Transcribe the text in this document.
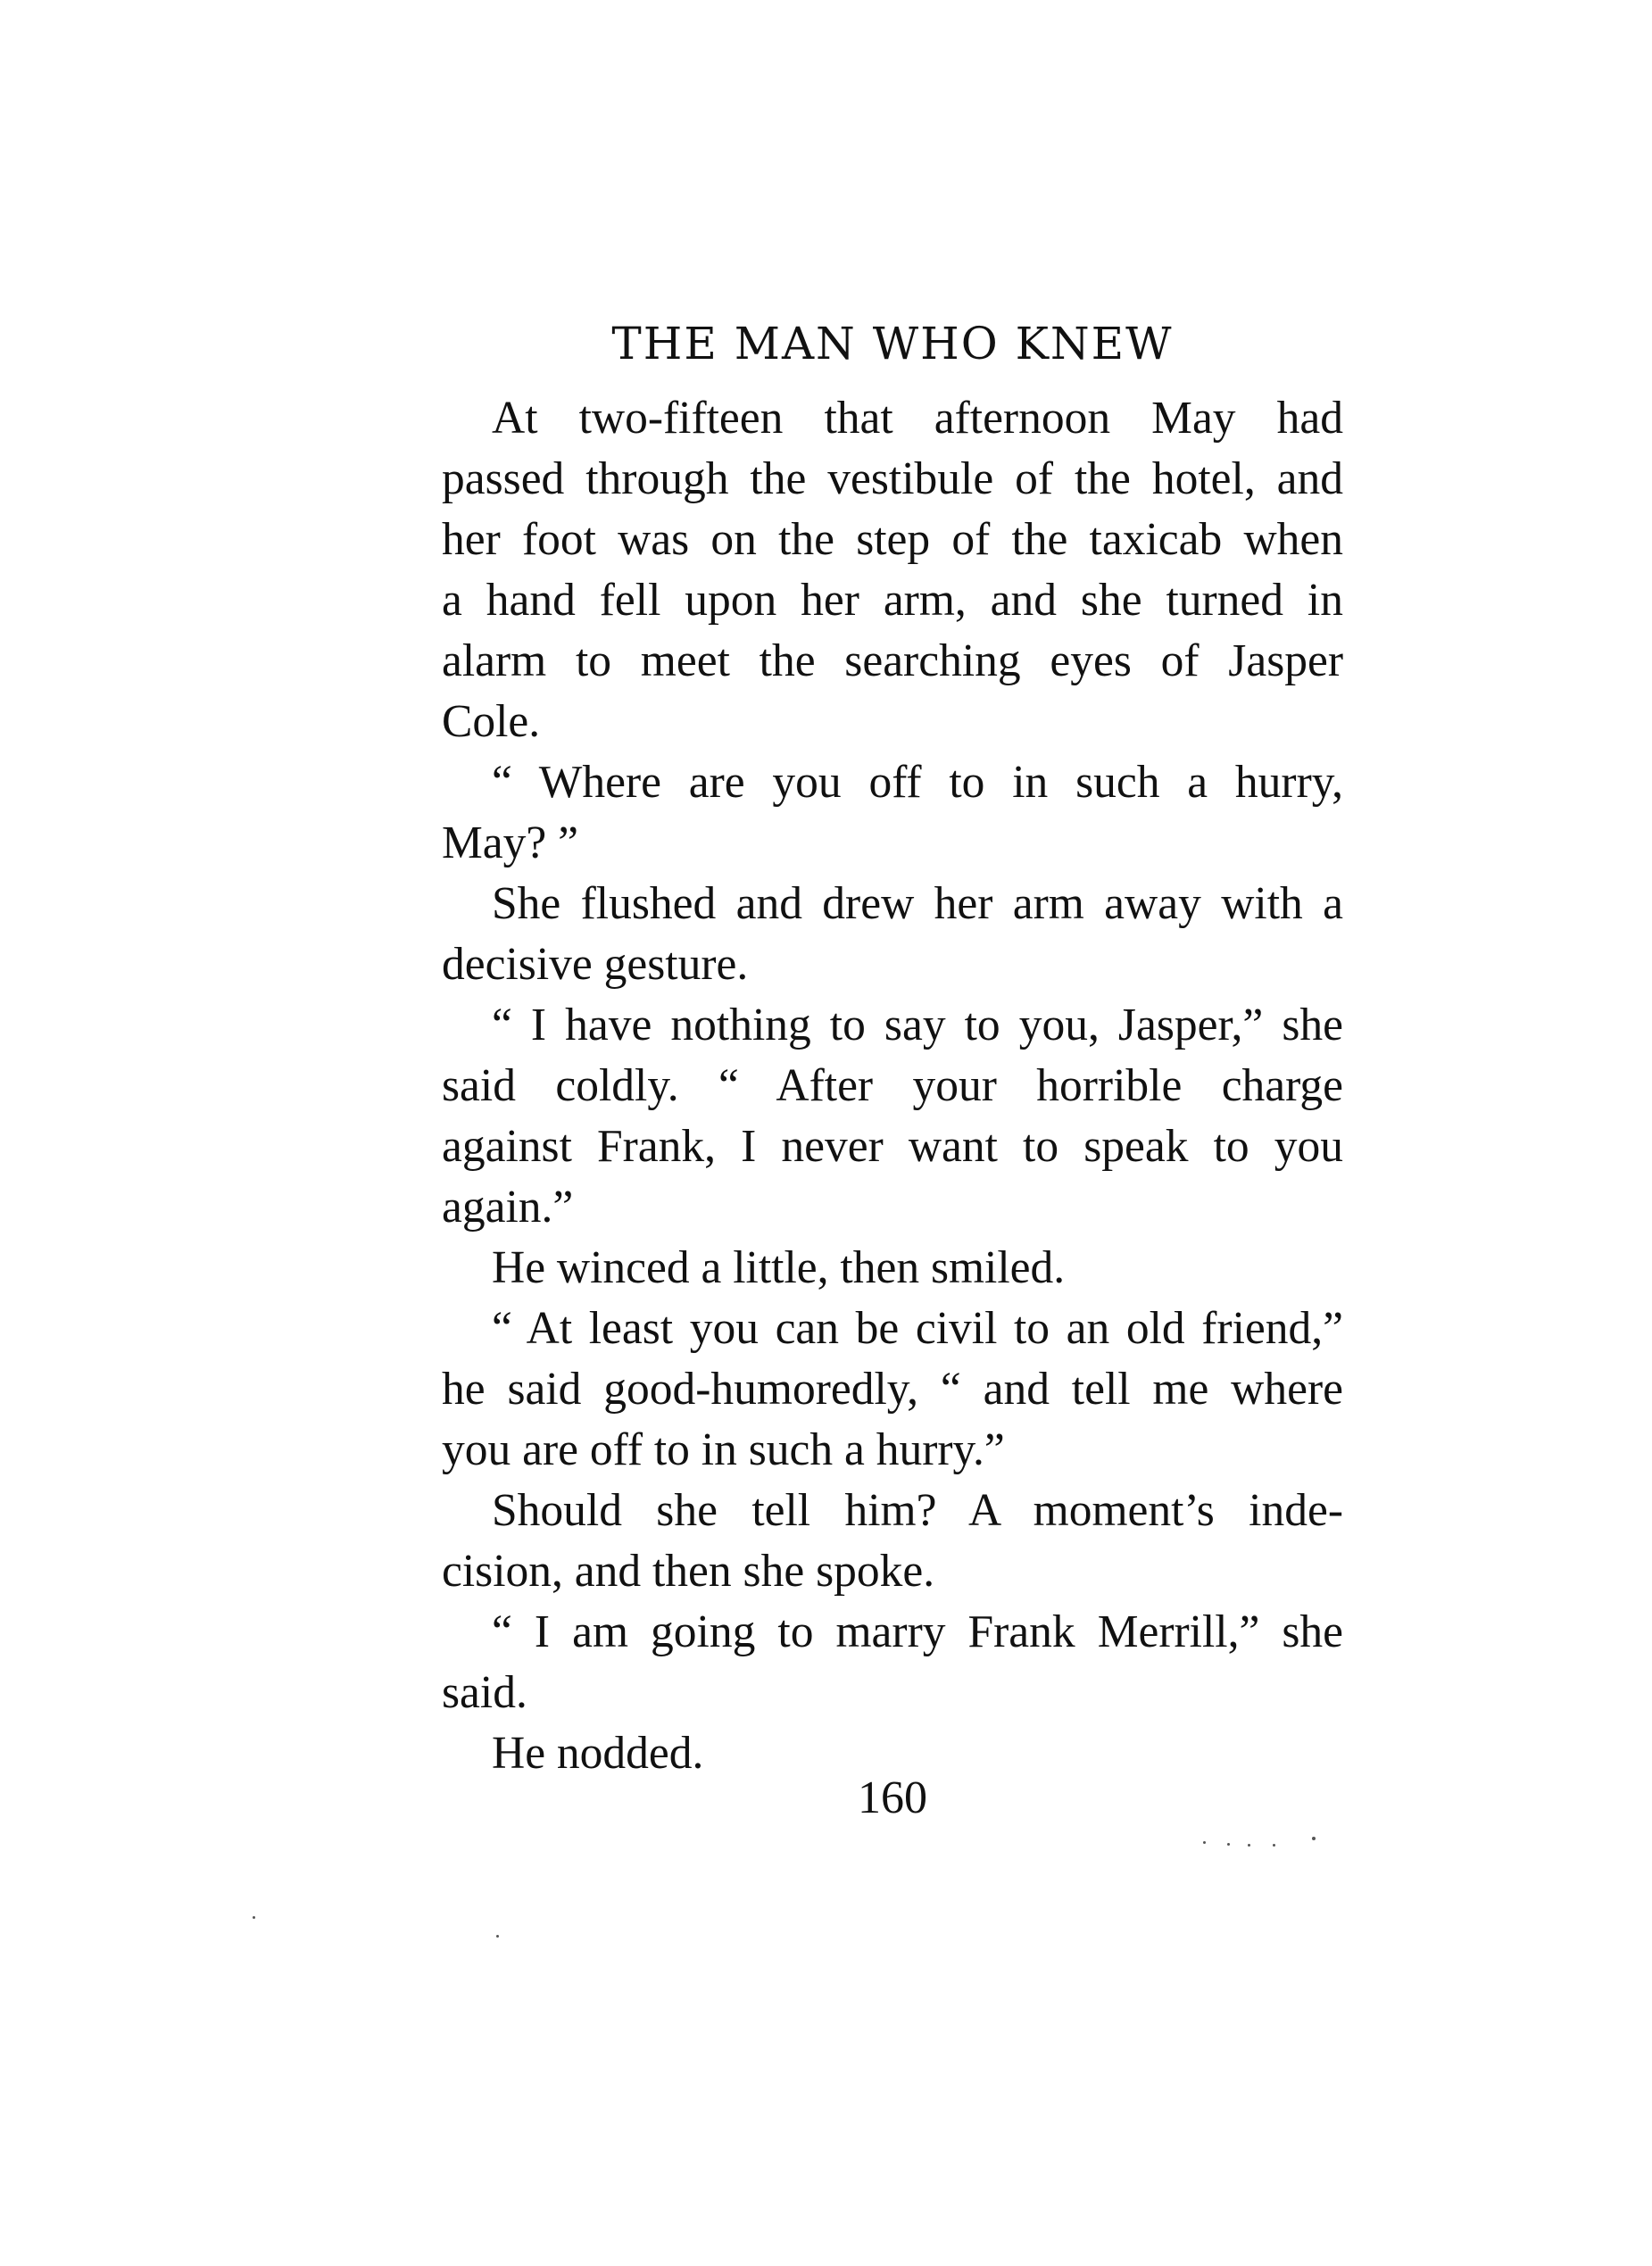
THE MAN WHO KNEW
At two-fifteen that afternoon May had
passed through the vestibule of the hotel, and
her foot was on the step of the taxicab when
a hand fell upon her arm, and she turned in
alarm to meet the searching eyes of Jasper
Cole.
“ Where are you off to in such a hurry,
May? ”
She flushed and drew her arm away with a
decisive gesture.
“ I have nothing to say to you, Jasper,” she
said coldly. “ After your horrible charge
against Frank, I never want to speak to you
again.”
He winced a little, then smiled.
“ At least you can be civil to an old friend,”
he said good-humoredly, “ and tell me where
you are off to in such a hurry.”
Should she tell him? A moment’s inde-
cision, and then she spoke.
“ I am going to marry Frank Merrill,” she
said.
He nodded.
160
